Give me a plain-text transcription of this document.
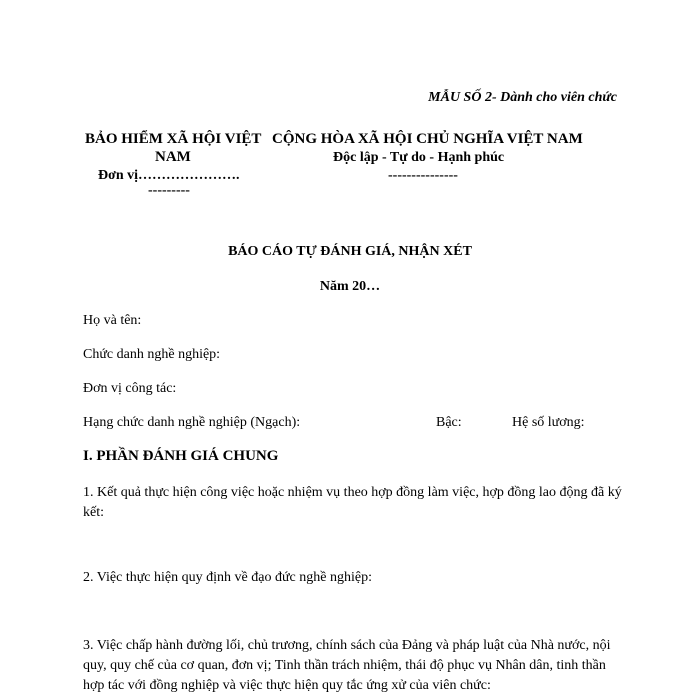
MẪU SỐ 2- Dành cho viên chức
BẢO HIỂM XÃ HỘI VIỆT
NAM
Đơn vị………………….
---------
CỘNG HÒA XÃ HỘI CHỦ NGHĨA VIỆT NAM
Độc lập - Tự do - Hạnh phúc
---------------
BÁO CÁO TỰ ĐÁNH GIÁ, NHẬN XÉT
Năm 20…
Họ và tên:
Chức danh nghề nghiệp:
Đơn vị công tác:
Hạng chức danh nghề nghiệp (Ngạch):	Bậc:	Hệ số lương:
I. PHẦN ĐÁNH GIÁ CHUNG
1. Kết quả thực hiện công việc hoặc nhiệm vụ theo hợp đồng làm việc, hợp đồng lao động đã ký kết:
2. Việc thực hiện quy định về đạo đức nghề nghiệp:
3. Việc chấp hành đường lối, chủ trương, chính sách của Đảng và pháp luật của Nhà nước, nội quy, quy chế của cơ quan, đơn vị; Tinh thần trách nhiệm, thái độ phục vụ Nhân dân, tinh thần hợp tác với đồng nghiệp và việc thực hiện quy tắc ứng xử của viên chức:
